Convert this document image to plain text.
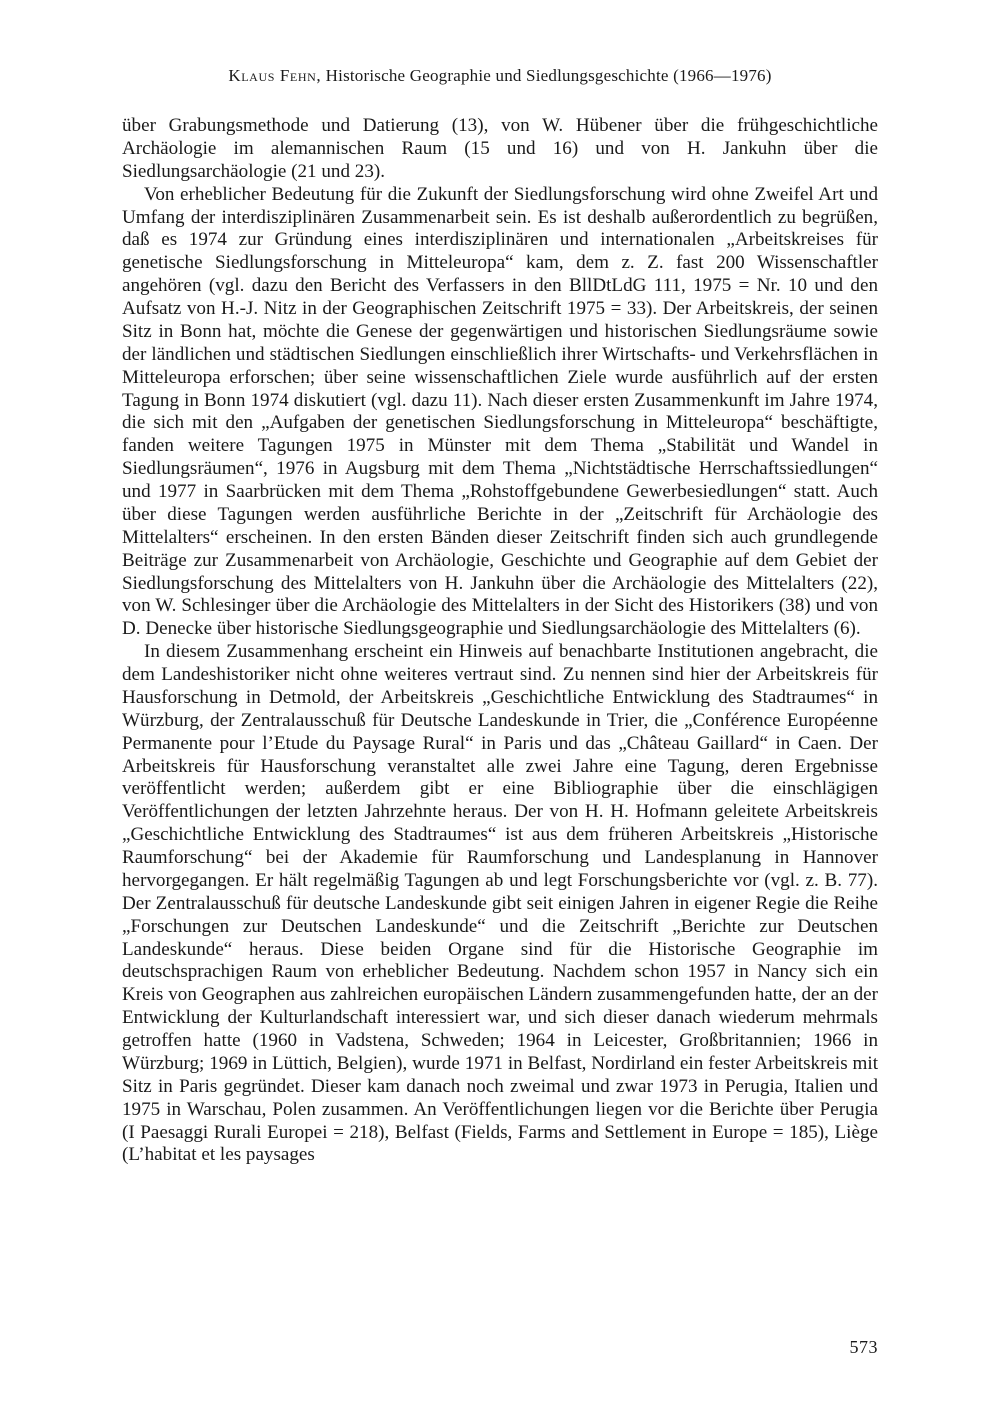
Klaus Fehn, Historische Geographie und Siedlungsgeschichte (1966—1976)

über Grabungsmethode und Datierung (13), von W. Hübener über die frühgeschichtliche Archäologie im alemannischen Raum (15 und 16) und von H. Jankuhn über die Siedlungsarchäologie (21 und 23).

Von erheblicher Bedeutung für die Zukunft der Siedlungsforschung wird ohne Zweifel Art und Umfang der interdisziplinären Zusammenarbeit sein. Es ist deshalb außerordentlich zu begrüßen, daß es 1974 zur Gründung eines interdisziplinären und internationalen „Arbeitskreises für genetische Siedlungsforschung in Mitteleuropa“ kam, dem z. Z. fast 200 Wissenschaftler angehören (vgl. dazu den Bericht des Verfassers in den BllDtLdG 111, 1975 = Nr. 10 und den Aufsatz von H.-J. Nitz in der Geographischen Zeitschrift 1975 = 33). Der Arbeitskreis, der seinen Sitz in Bonn hat, möchte die Genese der gegenwärtigen und historischen Siedlungsräume sowie der ländlichen und städtischen Siedlungen einschließlich ihrer Wirtschafts- und Verkehrsflächen in Mitteleuropa erforschen; über seine wissenschaftlichen Ziele wurde ausführlich auf der ersten Tagung in Bonn 1974 diskutiert (vgl. dazu 11). Nach dieser ersten Zusammenkunft im Jahre 1974, die sich mit den „Aufgaben der genetischen Siedlungsforschung in Mitteleuropa“ beschäftigte, fanden weitere Tagungen 1975 in Münster mit dem Thema „Stabilität und Wandel in Siedlungsräumen“, 1976 in Augsburg mit dem Thema „Nichtstädtische Herrschaftssiedlungen“ und 1977 in Saarbrücken mit dem Thema „Rohstoffgebundene Gewerbesiedlungen“ statt. Auch über diese Tagungen werden ausführliche Berichte in der „Zeitschrift für Archäologie des Mittelalters“ erscheinen. In den ersten Bänden dieser Zeitschrift finden sich auch grundlegende Beiträge zur Zusammenarbeit von Archäologie, Geschichte und Geographie auf dem Gebiet der Siedlungsforschung des Mittelalters von H. Jankuhn über die Archäologie des Mittelalters (22), von W. Schlesinger über die Archäologie des Mittelalters in der Sicht des Historikers (38) und von D. Denecke über historische Siedlungsgeographie und Siedlungsarchäologie des Mittelalters (6).

In diesem Zusammenhang erscheint ein Hinweis auf benachbarte Institutionen angebracht, die dem Landeshistoriker nicht ohne weiteres vertraut sind. Zu nennen sind hier der Arbeitskreis für Hausforschung in Detmold, der Arbeitskreis „Geschichtliche Entwicklung des Stadtraumes“ in Würzburg, der Zentralausschuß für Deutsche Landeskunde in Trier, die „Conférence Européenne Permanente pour l’Etude du Paysage Rural“ in Paris und das „Château Gaillard“ in Caen. Der Arbeitskreis für Hausforschung veranstaltet alle zwei Jahre eine Tagung, deren Ergebnisse veröffentlicht werden; außerdem gibt er eine Bibliographie über die einschlägigen Veröffentlichungen der letzten Jahrzehnte heraus. Der von H. H. Hofmann geleitete Arbeitskreis „Geschichtliche Entwicklung des Stadtraumes“ ist aus dem früheren Arbeitskreis „Historische Raumforschung“ bei der Akademie für Raumforschung und Landesplanung in Hannover hervorgegangen. Er hält regelmäßig Tagungen ab und legt Forschungsberichte vor (vgl. z. B. 77). Der Zentralausschuß für deutsche Landeskunde gibt seit einigen Jahren in eigener Regie die Reihe „Forschungen zur Deutschen Landeskunde“ und die Zeitschrift „Berichte zur Deutschen Landeskunde“ heraus. Diese beiden Organe sind für die Historische Geographie im deutschsprachigen Raum von erheblicher Bedeutung. Nachdem schon 1957 in Nancy sich ein Kreis von Geographen aus zahlreichen europäischen Ländern zusammengefunden hatte, der an der Entwicklung der Kulturlandschaft interessiert war, und sich dieser danach wiederum mehrmals getroffen hatte (1960 in Vadstena, Schweden; 1964 in Leicester, Großbritannien; 1966 in Würzburg; 1969 in Lüttich, Belgien), wurde 1971 in Belfast, Nordirland ein fester Arbeitskreis mit Sitz in Paris gegründet. Dieser kam danach noch zweimal und zwar 1973 in Perugia, Italien und 1975 in Warschau, Polen zusammen. An Veröffentlichungen liegen vor die Berichte über Perugia (I Paesaggi Rurali Europei = 218), Belfast (Fields, Farms and Settlement in Europe = 185), Liège (L’habitat et les paysages

573
